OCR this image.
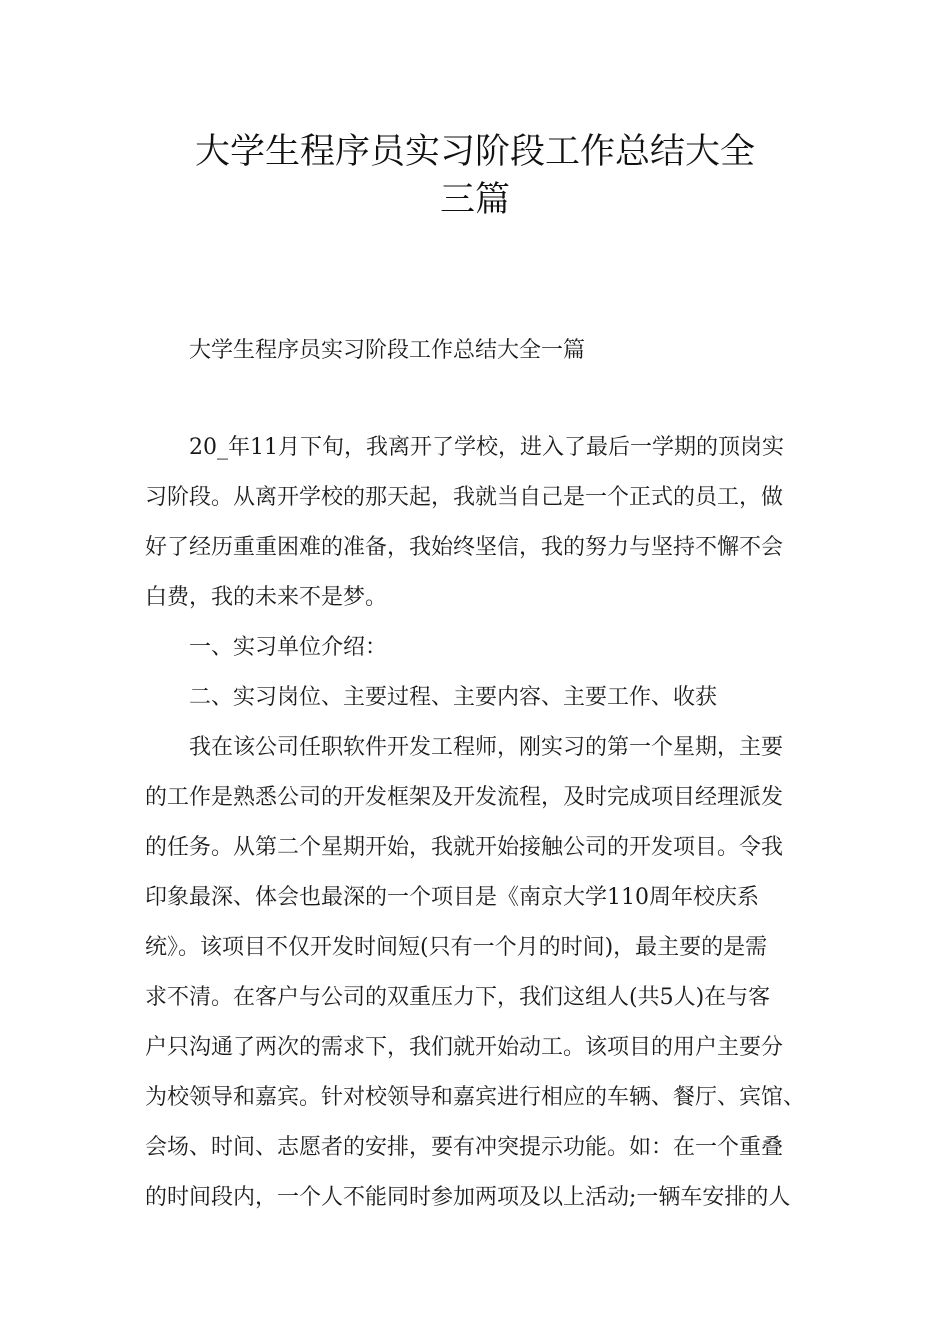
大学生程序员实习阶段工作总结大全
三篇
大学生程序员实习阶段工作总结大全一篇
20_年11月下旬，我离开了学校，进入了最后一学期的顶岗实
习阶段。从离开学校的那天起，我就当自己是一个正式的员工，做
好了经历重重困难的准备，我始终坚信，我的努力与坚持不懈不会
白费，我的未来不是梦。
一、实习单位介绍：
二、实习岗位、主要过程、主要内容、主要工作、收获
我在该公司任职软件开发工程师，刚实习的第一个星期，主要
的工作是熟悉公司的开发框架及开发流程，及时完成项目经理派发
的任务。从第二个星期开始，我就开始接触公司的开发项目。令我
印象最深、体会也最深的一个项目是《南京大学110周年校庆系
统》。该项目不仅开发时间短(只有一个月的时间)，最主要的是需
求不清。在客户与公司的双重压力下，我们这组人(共5人)在与客
户只沟通了两次的需求下，我们就开始动工。该项目的用户主要分
为校领导和嘉宾。针对校领导和嘉宾进行相应的车辆、餐厅、宾馆、
会场、时间、志愿者的安排，要有冲突提示功能。如：在一个重叠
的时间段内，一个人不能同时参加两项及以上活动;一辆车安排的人
